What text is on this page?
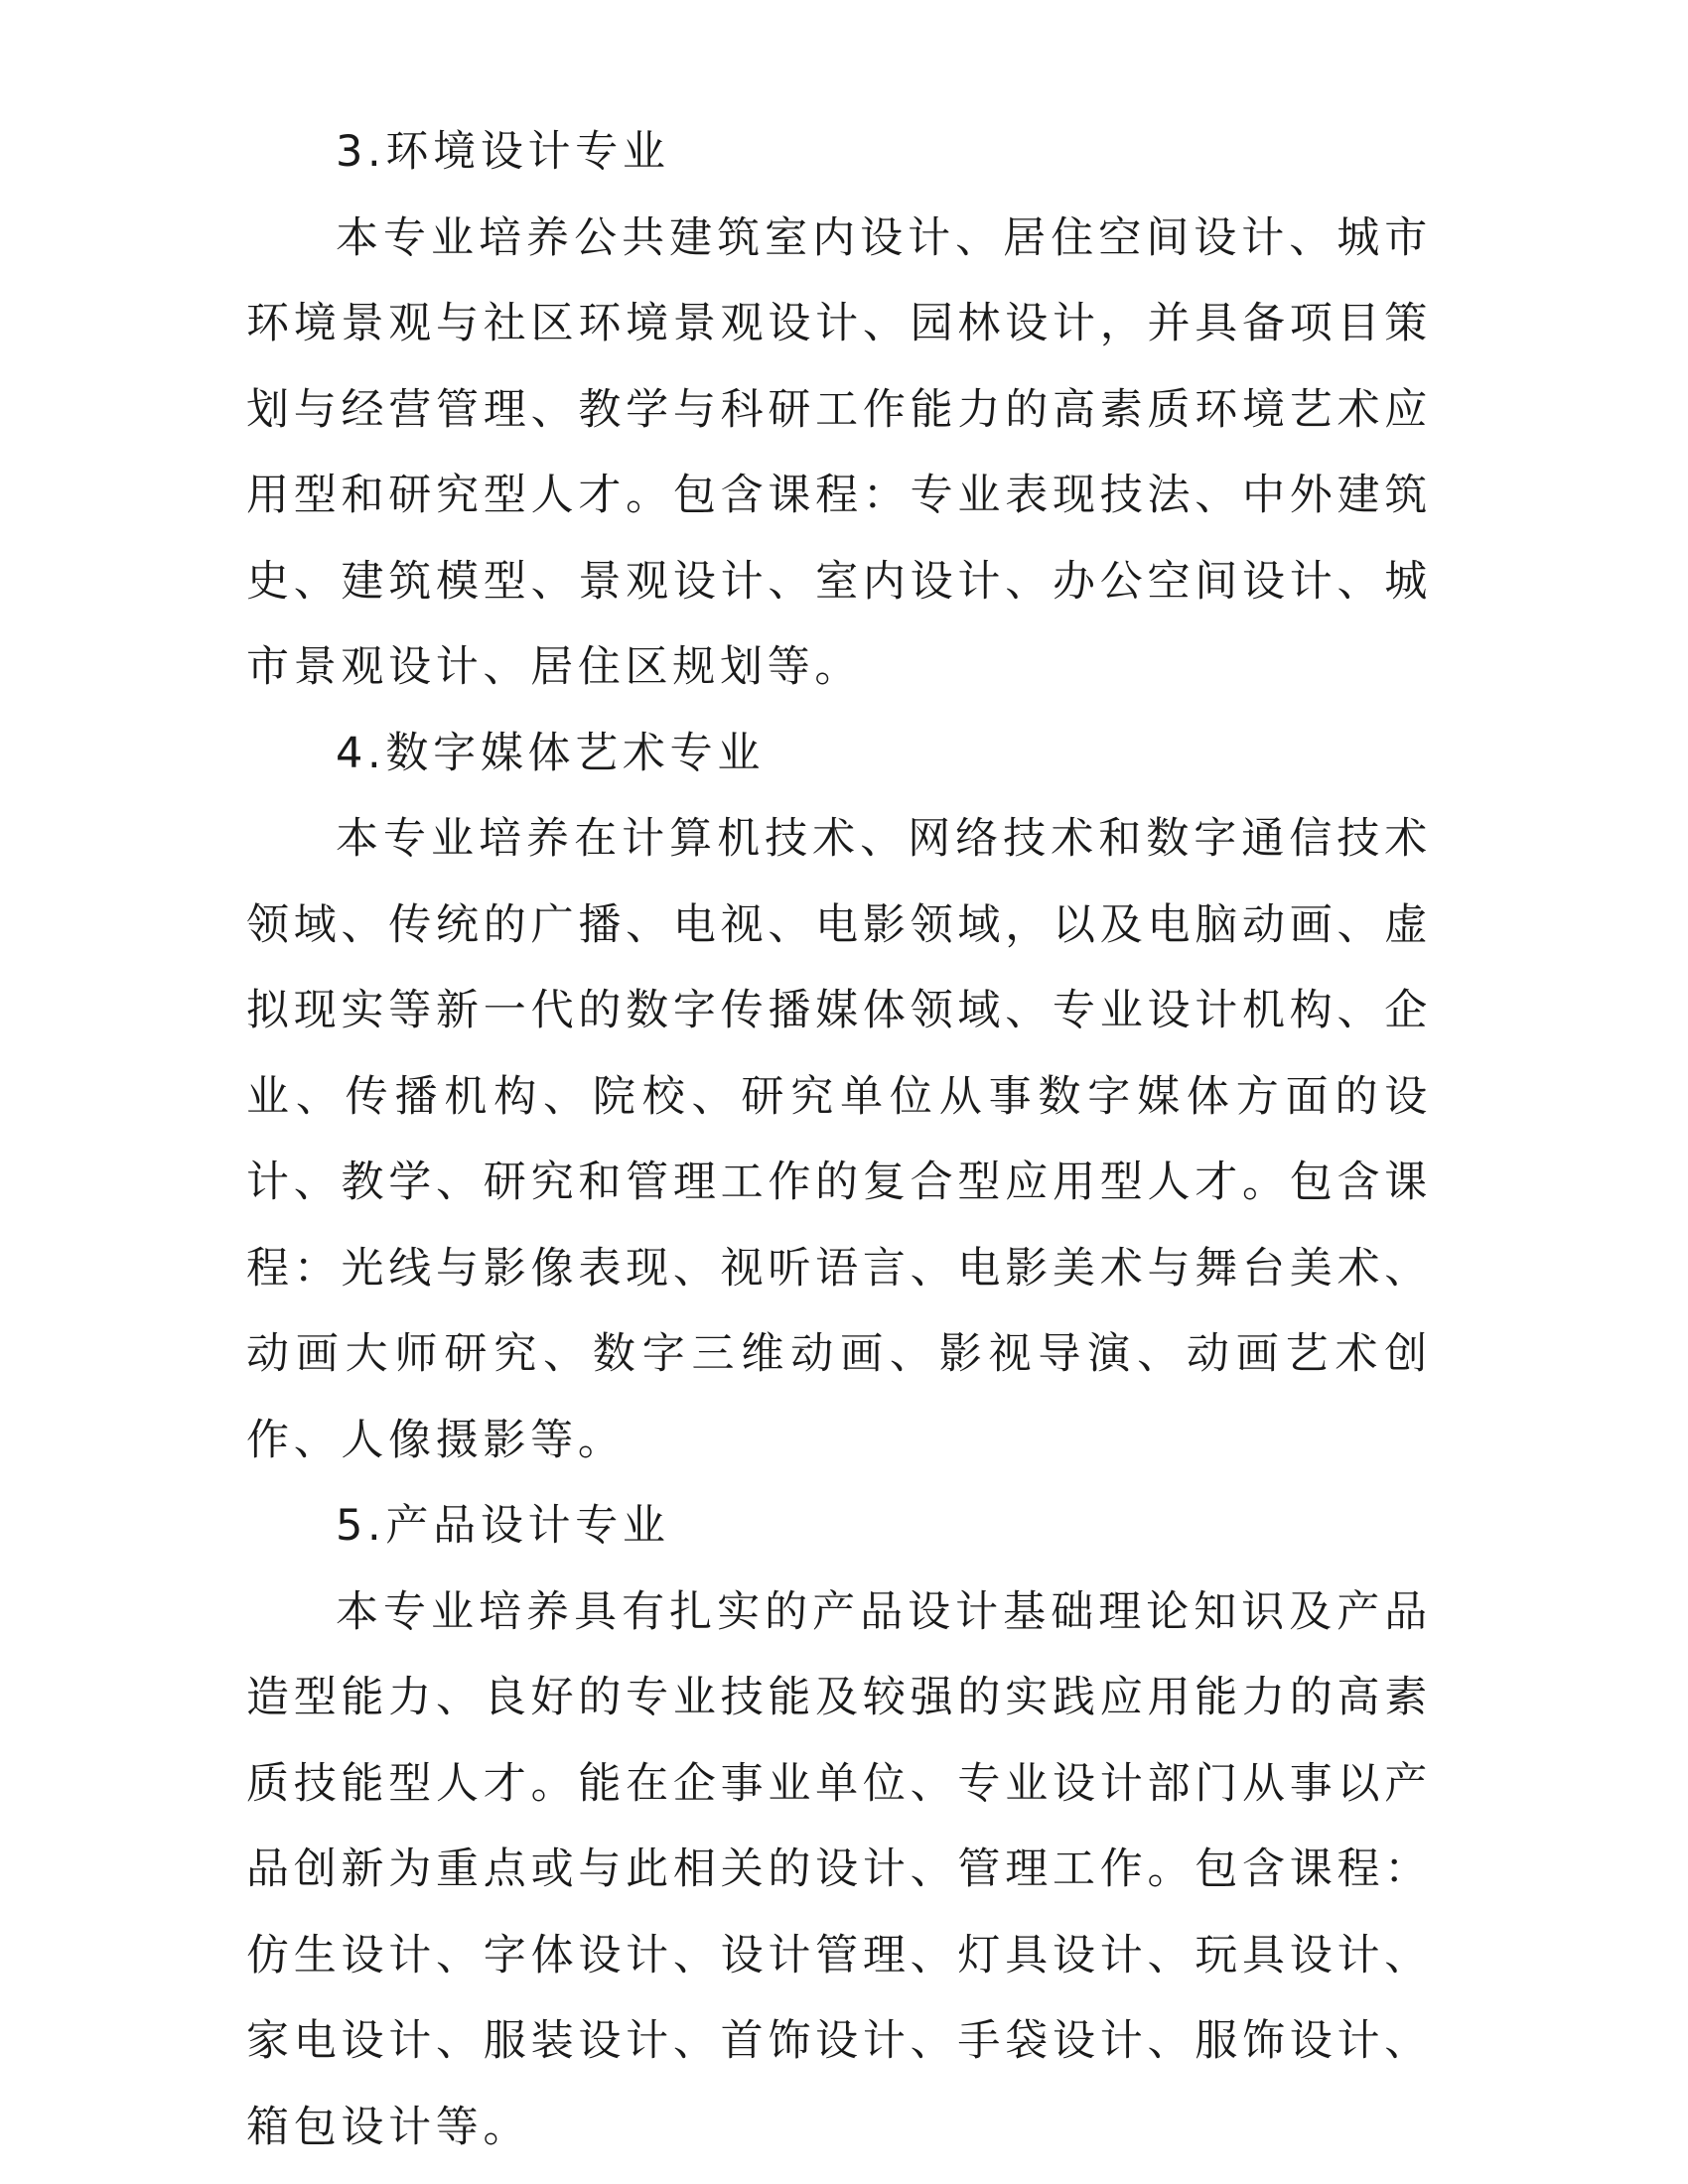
3.环境设计专业

本专业培养公共建筑室内设计、居住空间设计、城市环境景观与社区环境景观设计、园林设计，并具备项目策划与经营管理、教学与科研工作能力的高素质环境艺术应用型和研究型人才。包含课程：专业表现技法、中外建筑史、建筑模型、景观设计、室内设计、办公空间设计、城市景观设计、居住区规划等。

4.数字媒体艺术专业

本专业培养在计算机技术、网络技术和数字通信技术领域、传统的广播、电视、电影领域，以及电脑动画、虚拟现实等新一代的数字传播媒体领域、专业设计机构、企业、传播机构、院校、研究单位从事数字媒体方面的设计、教学、研究和管理工作的复合型应用型人才。包含课程：光线与影像表现、视听语言、电影美术与舞台美术、动画大师研究、数字三维动画、影视导演、动画艺术创作、人像摄影等。

5.产品设计专业

本专业培养具有扎实的产品设计基础理论知识及产品造型能力、良好的专业技能及较强的实践应用能力的高素质技能型人才。能在企事业单位、专业设计部门从事以产品创新为重点或与此相关的设计、管理工作。包含课程：仿生设计、字体设计、设计管理、灯具设计、玩具设计、家电设计、服装设计、首饰设计、手袋设计、服饰设计、箱包设计等。
